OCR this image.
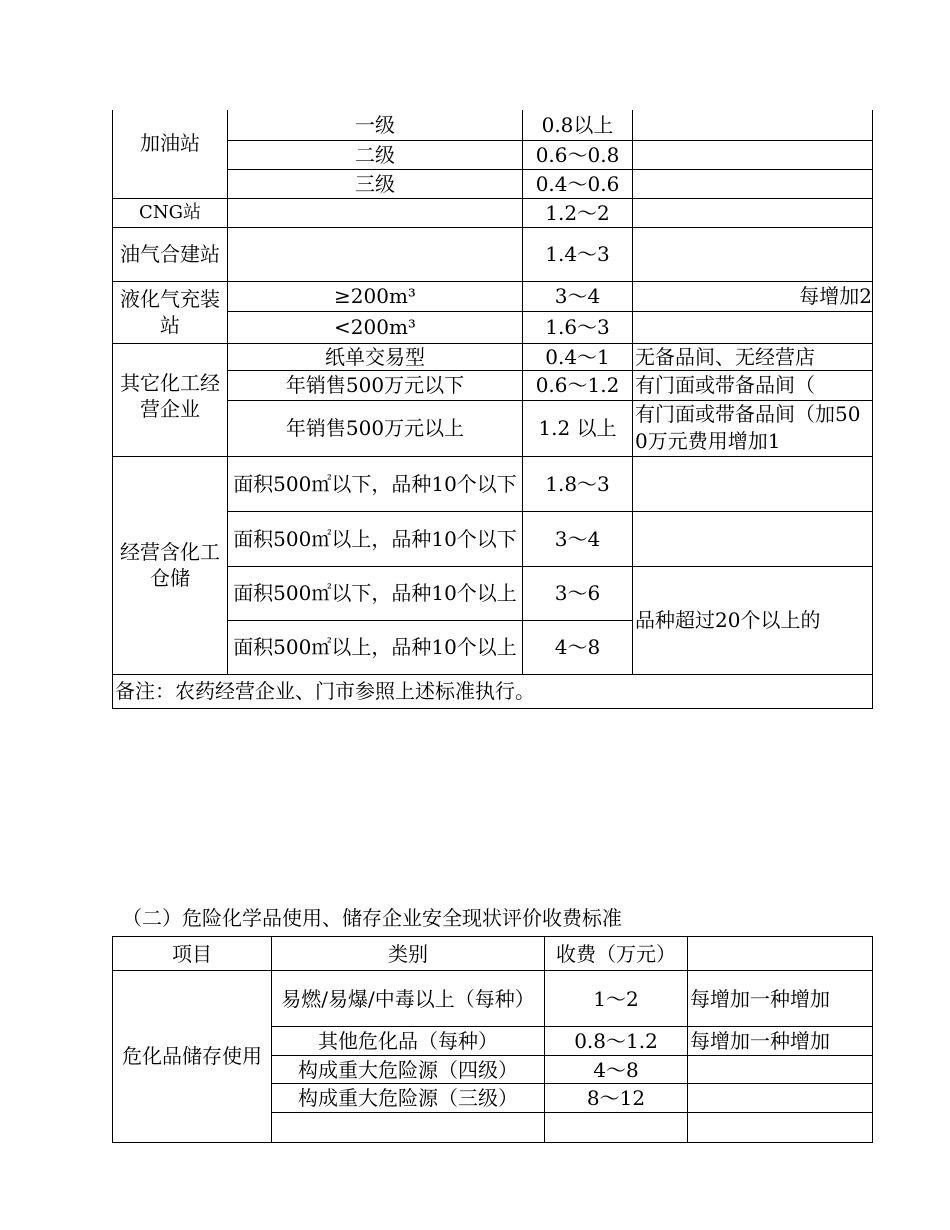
加油站	一级	0.8以上	
	二级	0.6～0.8	
	三级	0.4～0.6	
CNG站		1.2～2	
油气合建站		1.4～3	
液化气充装站	≥200m³	3～4	每增加2
	<200m³	1.6～3	
其它化工经营企业	纸单交易型	0.4～1	无备品间、无经营店
	年销售500万元以下	0.6～1.2	有门面或带备品间（
	年销售500万元以上	1.2 以上	有门面或带备品间（加500万元费用增加1
经营含化工仓储	面积500㎡以下，品种10个以下	1.8～3	
	面积500㎡以上，品种10个以下	3～4	
	面积500㎡以下，品种10个以上	3～6	品种超过20个以上的
	面积500㎡以上，品种10个以上	4～8	
备注：农药经营企业、门市参照上述标准执行。			
（二）危险化学品使用、储存企业安全现状评价收费标准
项目	类别	收费（万元）	
危化品储存使用	易燃/易爆/中毒以上（每种）	1～2	每增加一种增加
	其他危化品（每种）	0.8～1.2	每增加一种增加
	构成重大危险源（四级）	4～8	
	构成重大危险源（三级）	8～12	
